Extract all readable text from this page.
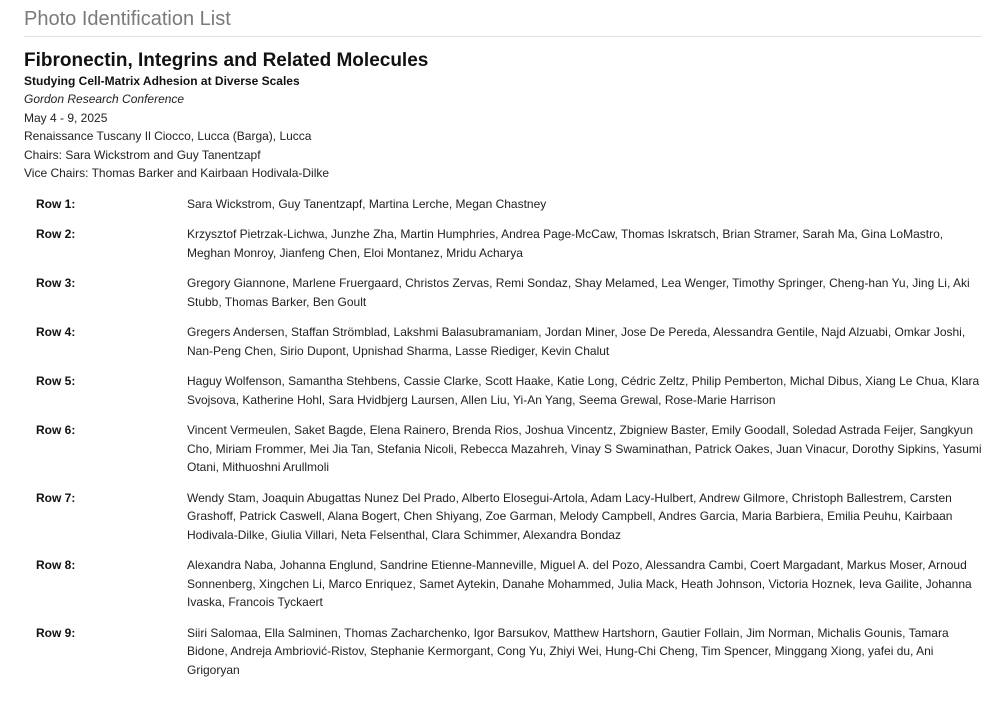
Photo Identification List
Fibronectin, Integrins and Related Molecules
Studying Cell-Matrix Adhesion at Diverse Scales
Gordon Research Conference
May 4 - 9, 2025
Renaissance Tuscany Il Ciocco, Lucca (Barga), Lucca
Chairs: Sara Wickstrom and Guy Tanentzapf
Vice Chairs: Thomas Barker and Kairbaan Hodivala-Dilke
Row 1:	Sara Wickstrom, Guy Tanentzapf, Martina Lerche, Megan Chastney
Row 2:	Krzysztof Pietrzak-Lichwa, Junzhe Zha, Martin Humphries, Andrea Page-McCaw, Thomas Iskratsch, Brian Stramer, Sarah Ma, Gina LoMastro, Meghan Monroy, Jianfeng Chen, Eloi Montanez, Mridu Acharya
Row 3:	Gregory Giannone, Marlene Fruergaard, Christos Zervas, Remi Sondaz, Shay Melamed, Lea Wenger, Timothy Springer, Cheng-han Yu, Jing Li, Aki Stubb, Thomas Barker, Ben Goult
Row 4:	Gregers Andersen, Staffan Strömblad, Lakshmi Balasubramaniam, Jordan Miner, Jose De Pereda, Alessandra Gentile, Najd Alzuabi, Omkar Joshi, Nan-Peng Chen, Sirio Dupont, Upnishad Sharma, Lasse Riediger, Kevin Chalut
Row 5:	Haguy Wolfenson, Samantha Stehbens, Cassie Clarke, Scott Haake, Katie Long, Cédric Zeltz, Philip Pemberton, Michal Dibus, Xiang Le Chua, Klara Svojsova, Katherine Hohl, Sara Hvidbjerg Laursen, Allen Liu, Yi-An Yang, Seema Grewal, Rose-Marie Harrison
Row 6:	Vincent Vermeulen, Saket Bagde, Elena Rainero, Brenda Rios, Joshua Vincentz, Zbigniew Baster, Emily Goodall, Soledad Astrada Feijer, Sangkyun Cho, Miriam Frommer, Mei Jia Tan, Stefania Nicoli, Rebecca Mazahreh, Vinay S Swaminathan, Patrick Oakes, Juan Vinacur, Dorothy Sipkins, Yasumi Otani, Mithuoshni Arullmoli
Row 7:	Wendy Stam, Joaquin Abugattas Nunez Del Prado, Alberto Elosegui-Artola, Adam Lacy-Hulbert, Andrew Gilmore, Christoph Ballestrem, Carsten Grashoff, Patrick Caswell, Alana Bogert, Chen Shiyang, Zoe Garman, Melody Campbell, Andres Garcia, Maria Barbiera, Emilia Peuhu, Kairbaan Hodivala-Dilke, Giulia Villari, Neta Felsenthal, Clara Schimmer, Alexandra Bondaz
Row 8:	Alexandra Naba, Johanna Englund, Sandrine Etienne-Manneville, Miguel A. del Pozo, Alessandra Cambi, Coert Margadant, Markus Moser, Arnoud Sonnenberg, Xingchen Li, Marco Enriquez, Samet Aytekin, Danahe Mohammed, Julia Mack, Heath Johnson, Victoria Hoznek, Ieva Gailite, Johanna Ivaska, Francois Tyckaert
Row 9:	Siiri Salomaa, Ella Salminen, Thomas Zacharchenko, Igor Barsukov, Matthew Hartshorn, Gautier Follain, Jim Norman, Michalis Gounis, Tamara Bidone, Andreja Ambriović-Ristov, Stephanie Kermorgant, Cong Yu, Zhiyi Wei, Hung-Chi Cheng, Tim Spencer, Minggang Xiong, yafei du, Ani Grigoryan
